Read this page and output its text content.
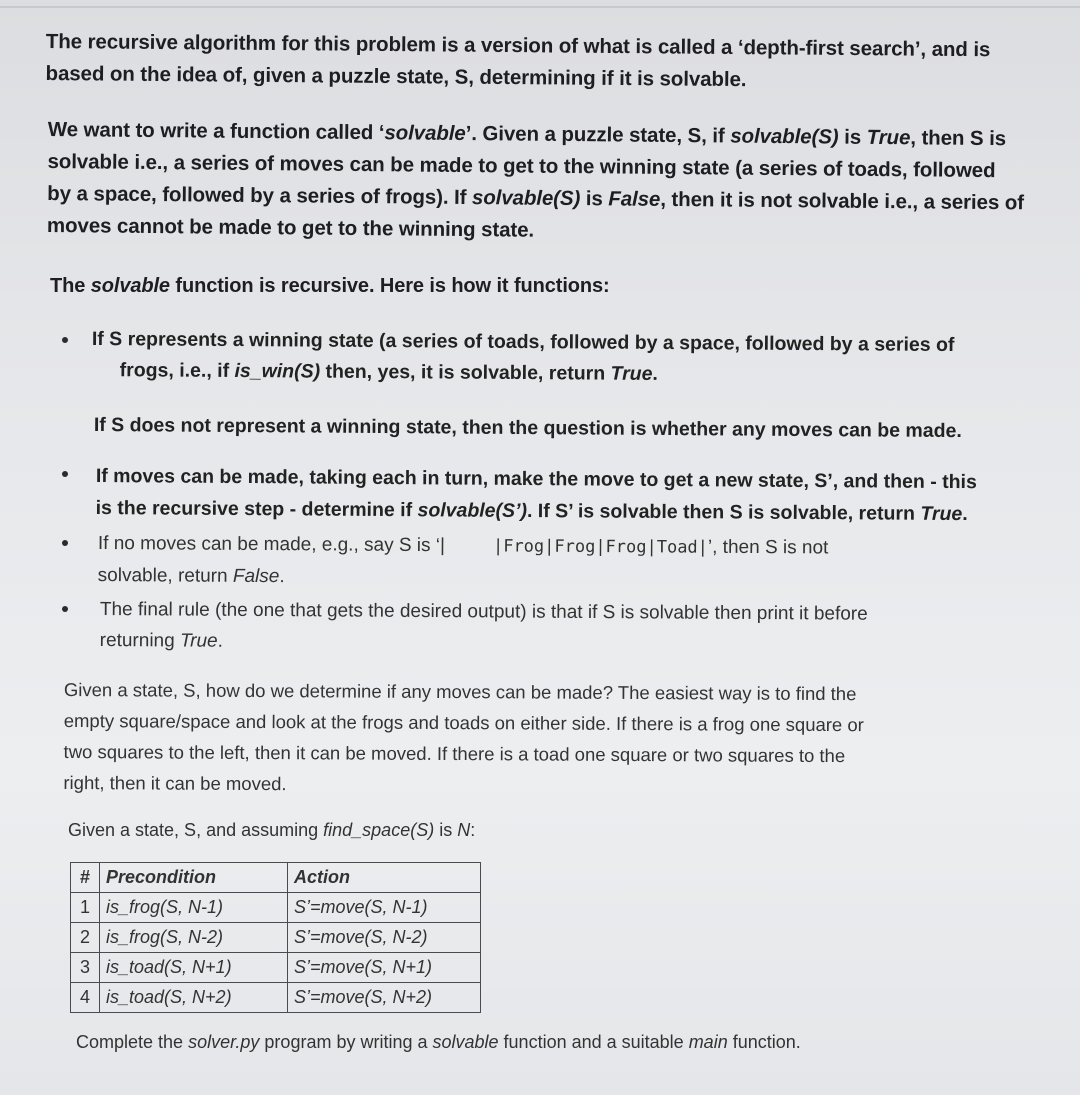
The recursive algorithm for this problem is a version of what is called a ‘depth-first search’, and is

based on the idea of, given a puzzle state, S, determining if it is solvable.

We want to write a function called ‘solvable’. Given a puzzle state, S, if solvable(S) is True, then S is

solvable i.e., a series of moves can be made to get to the winning state (a series of toads, followed

by a space, followed by a series of frogs). If solvable(S) is False, then it is not solvable i.e., a series of

moves cannot be made to get to the winning state.

The solvable function is recursive. Here is how it functions:

If S represents a winning state (a series of toads, followed by a space, followed by a series of

frogs, i.e., if is_win(S) then, yes, it is solvable, return True.

If S does not represent a winning state, then the question is whether any moves can be made.

If moves can be made, taking each in turn, make the move to get a new state, S’, and then - this

is the recursive step - determine if solvable(S’). If S’ is solvable then S is solvable, return True.

If no moves can be made, e.g., say S is ‘|	|Frog|Frog|Frog|Toad|’, then S is not

solvable, return False.

The final rule (the one that gets the desired output) is that if S is solvable then print it before

returning True.

Given a state, S, how do we determine if any moves can be made? The easiest way is to find the

empty square/space and look at the frogs and toads on either side. If there is a frog one square or

two squares to the left, then it can be moved. If there is a toad one square or two squares to the

right, then it can be moved.

Given a state, S, and assuming find_space(S) is N:

#	Precondition	Action
1	is_frog(S, N-1)	S’=move(S, N-1)
2	is_frog(S, N-2)	S’=move(S, N-2)
3	is_toad(S, N+1)	S’=move(S, N+1)
4	is_toad(S, N+2)	S’=move(S, N+2)

Complete the solver.py program by writing a solvable function and a suitable main function.
